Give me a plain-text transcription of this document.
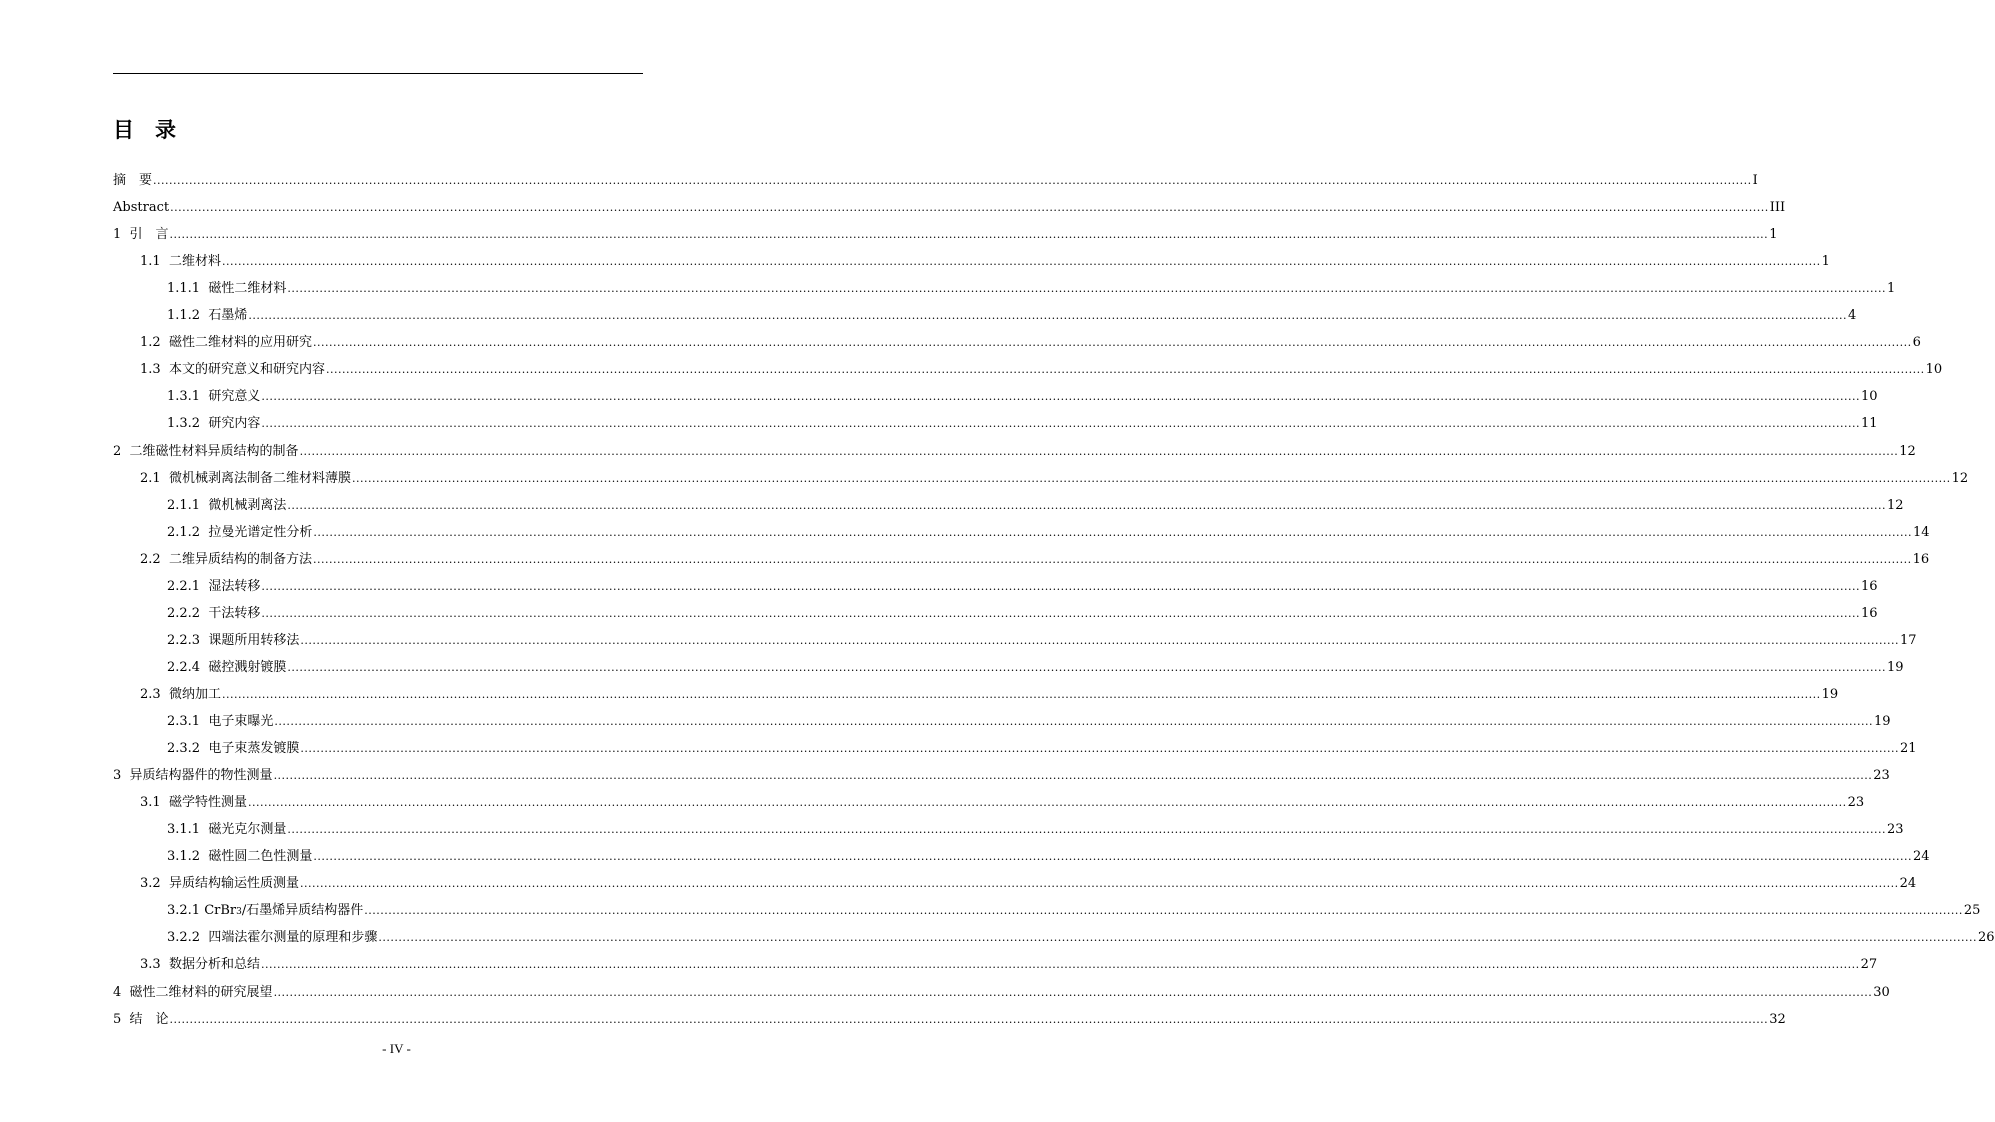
目　录
摘　要 ................................................................................................................................................................................................................................................................................................................................................................................................................ I
Abstract ................................................................................................................................................................................................................................................................................................................................................................................................................ III
1  引　言 ................................................................................................................................................................................................................................................................................................................................................................................................................ 1
1.1 二维材料 ................................................................................................................................................................................................................................................................................................................................................................................................................ 1
1.1.1 磁性二维材料 ................................................................................................................................................................................................................................................................................................................................................................................................................ 1
1.1.2 石墨烯 ................................................................................................................................................................................................................................................................................................................................................................................................................ 4
1.2 磁性二维材料的应用研究 ................................................................................................................................................................................................................................................................................................................................................................................................................ 6
1.3 本文的研究意义和研究内容 ................................................................................................................................................................................................................................................................................................................................................................................................................ 10
1.3.1 研究意义 ................................................................................................................................................................................................................................................................................................................................................................................................................ 10
1.3.2 研究内容 ................................................................................................................................................................................................................................................................................................................................................................................................................ 11
2 二维磁性材料异质结构的制备 ................................................................................................................................................................................................................................................................................................................................................................................................................ 12
2.1 微机械剥离法制备二维材料薄膜 ................................................................................................................................................................................................................................................................................................................................................................................................................ 12
2.1.1 微机械剥离法 ................................................................................................................................................................................................................................................................................................................................................................................................................ 12
2.1.2 拉曼光谱定性分析 ................................................................................................................................................................................................................................................................................................................................................................................................................ 14
2.2 二维异质结构的制备方法 ................................................................................................................................................................................................................................................................................................................................................................................................................ 16
2.2.1 湿法转移 ................................................................................................................................................................................................................................................................................................................................................................................................................ 16
2.2.2 干法转移 ................................................................................................................................................................................................................................................................................................................................................................................................................ 16
2.2.3 课题所用转移法 ................................................................................................................................................................................................................................................................................................................................................................................................................ 17
2.2.4 磁控溅射镀膜 ................................................................................................................................................................................................................................................................................................................................................................................................................ 19
2.3 微纳加工 ................................................................................................................................................................................................................................................................................................................................................................................................................ 19
2.3.1 电子束曝光 ................................................................................................................................................................................................................................................................................................................................................................................................................ 19
2.3.2 电子束蒸发镀膜 ................................................................................................................................................................................................................................................................................................................................................................................................................ 21
3 异质结构器件的物性测量 ................................................................................................................................................................................................................................................................................................................................................................................................................ 23
3.1 磁学特性测量 ................................................................................................................................................................................................................................................................................................................................................................................................................ 23
3.1.1 磁光克尔测量 ................................................................................................................................................................................................................................................................................................................................................................................................................ 23
3.1.2 磁性圆二色性测量 ................................................................................................................................................................................................................................................................................................................................................................................................................ 24
3.2 异质结构输运性质测量 ................................................................................................................................................................................................................................................................................................................................................................................................................ 24
3.2.1 CrBr 3 /石墨烯异质结构器件 ................................................................................................................................................................................................................................................................................................................................................................................................................ 25
3.2.2 四端法霍尔测量的原理和步骤 ................................................................................................................................................................................................................................................................................................................................................................................................................ 26
3.3 数据分析和总结 ................................................................................................................................................................................................................................................................................................................................................................................................................ 27
4 磁性二维材料的研究展望 ................................................................................................................................................................................................................................................................................................................................................................................................................ 30
5  结　论 ................................................................................................................................................................................................................................................................................................................................................................................................................ 32
- IV -
